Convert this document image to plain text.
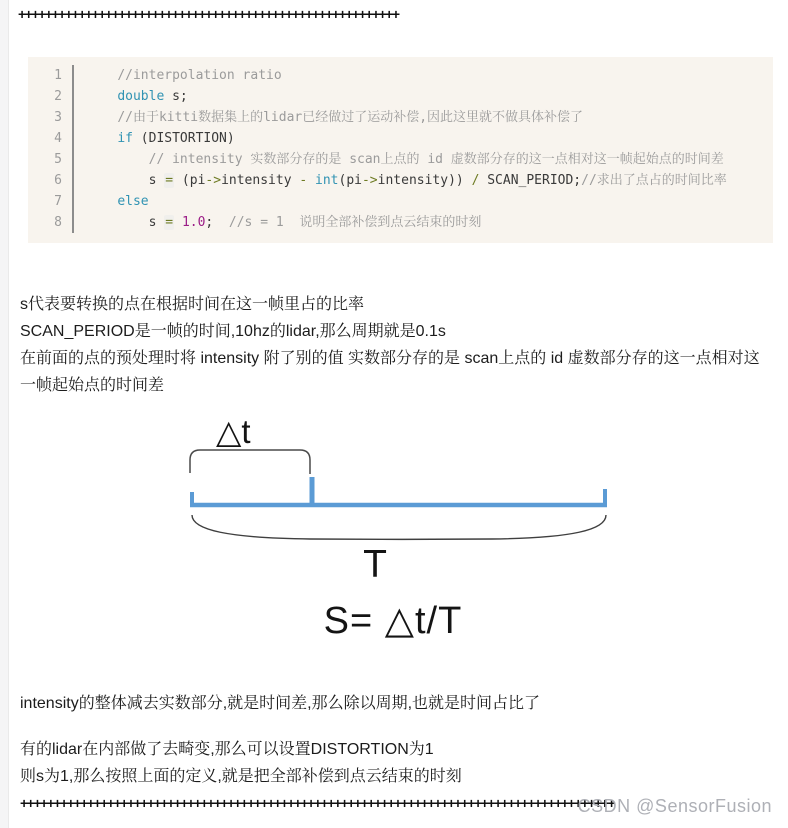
+++++++++++++++++++++++++++++++++++++++++++++++++++++++++
1	//interpolation ratio
2	double s;
3	//由于kitti数据集上的lidar已经做过了运动补偿,因此这里就不做具体补偿了
4	if (DISTORTION)
5	// intensity 实数部分存的是 scan上点的 id 虚数部分存的这一点相对这一帧起始点的时间差
6	s = (pi->intensity - int(pi->intensity)) / SCAN_PERIOD;//求出了点占的时间比率
7	else
8	s = 1.0;  //s = 1  说明全部补偿到点云结束的时刻
s代表要转换的点在根据时间在这一帧里占的比率
SCAN_PERIOD是一帧的时间,10hz的lidar,那么周期就是0.1s
在前面的点的预处理时将 intensity 附了别的值 实数部分存的是 scan上点的 id 虚数部分存的这一点相对这一帧起始点的时间差
△t
T
S= △t/T
intensity的整体减去实数部分,就是时间差,那么除以周期,也就是时间占比了
有的lidar在内部做了去畸变,那么可以设置DISTORTION为1
则s为1,那么按照上面的定义,就是把全部补偿到点云结束的时刻
+++++++++++++++++++++++++++++++++++++++++++++++++++++++++++++++++++++++++++++++++++++++++
CSDN @SensorFusion
